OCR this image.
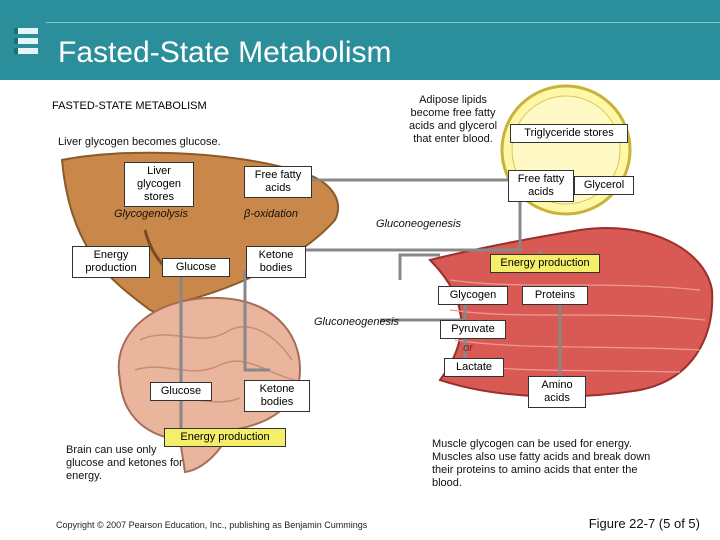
Fasted-State Metabolism
FASTED-STATE METABOLISM
Liver glycogen becomes glucose.
Adipose lipids become free fatty acids and glycerol that enter blood.	Triglyceride stores
Free fatty acids
Glycerol
Liver glycogen stores
Free fatty acids
Glycogenolysis	β-oxidation
Gluconeogenesis
Energy production	Glucose
Ketone bodies	Energy production
Glycogen	Proteins
Gluconeogenesis
Pyruvate
or
Lactate
Amino acids
Glucose	Ketone bodies
Energy production
Brain can use only glucose and ketones for energy.
Muscle glycogen can be used for energy. Muscles also use fatty acids and break down their proteins to amino acids that enter the blood.
Copyright © 2007 Pearson Education, Inc., publishing as Benjamin Cummings	Figure 22-7 (5 of 5)
